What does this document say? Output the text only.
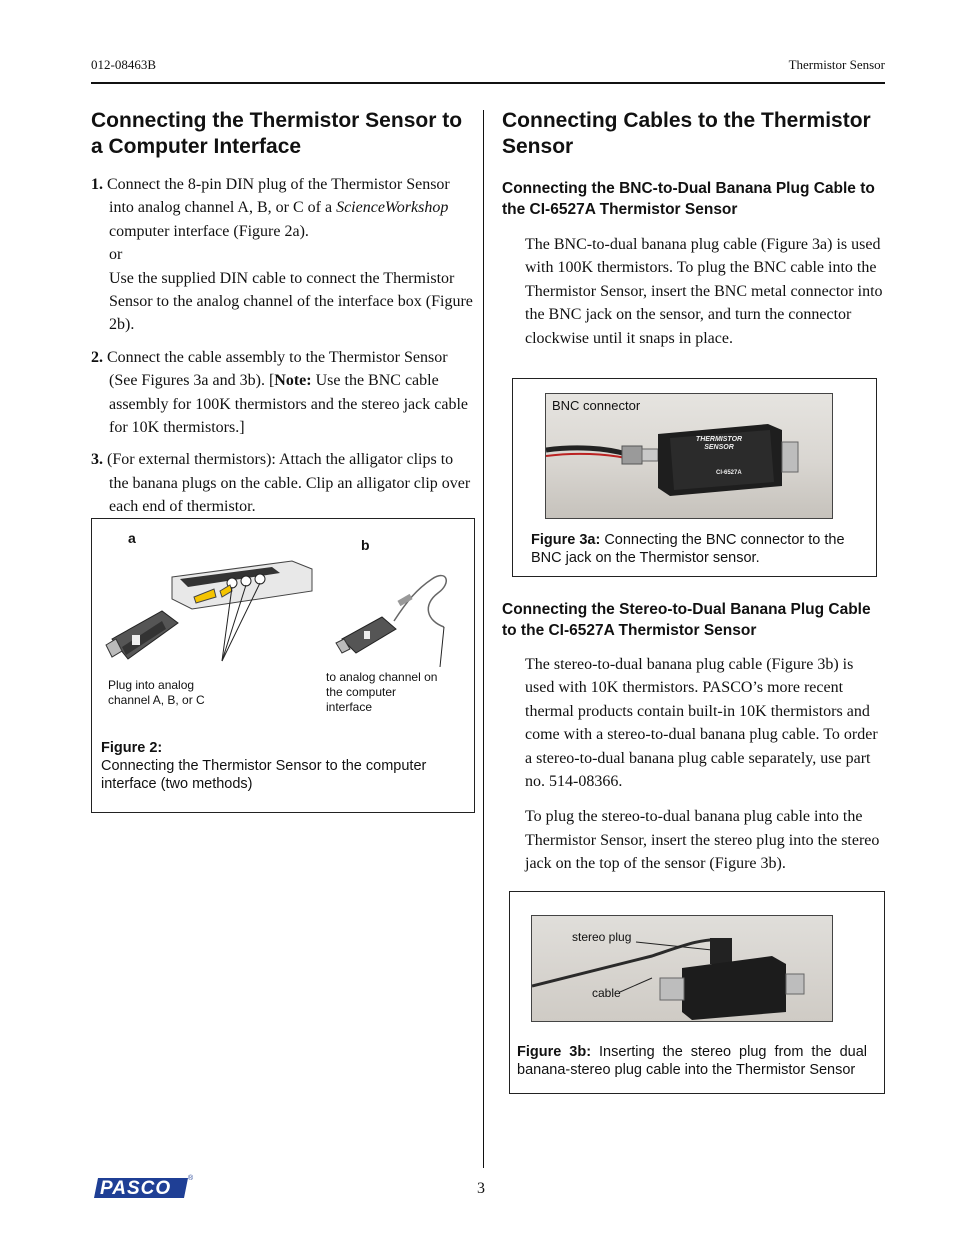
012-08463B	Thermistor Sensor
Connecting the Thermistor Sensor to a Computer Interface
1. Connect the 8-pin DIN plug of the Thermistor Sensor into analog channel A, B, or C of a ScienceWorkshop computer interface (Figure 2a).
or
Use the supplied DIN cable to connect the Thermistor Sensor to the analog channel of the interface box (Figure 2b).
2. Connect the cable assembly to the Thermistor Sensor (See Figures 3a and 3b). [Note: Use the BNC cable assembly for 100K thermistors and the stereo jack cable for 10K thermistors.]
3. (For external thermistors): Attach the alligator clips to the banana plugs on the cable. Clip an alligator clip over each end of thermistor.
a	b
Plug into analog channel A, B, or C
to analog channel on the computer interface
Figure 2:
Connecting the Thermistor Sensor to the computer interface (two methods)
Connecting Cables to the Thermistor Sensor
Connecting the BNC-to-Dual Banana Plug Cable to the CI-6527A Thermistor Sensor

The BNC-to-dual banana plug cable (Figure 3a) is used with 100K thermistors. To plug the BNC cable into the Thermistor Sensor, insert the BNC metal connector into the BNC jack on the sensor, and turn the connector clockwise until it snaps in place.

BNC connector
THERMISTOR
SENSOR
CI-6527A
Figure 3a: Connecting the BNC connector to the BNC jack on the Thermistor sensor.
Connecting the Stereo-to-Dual Banana Plug Cable to the CI-6527A Thermistor Sensor

The stereo-to-dual banana plug cable (Figure 3b) is used with 10K thermistors. PASCO’s more recent thermal products contain built-in 10K thermistors and come with a stereo-to-dual banana plug cable. To order a stereo-to-dual banana plug cable separately, use part no. 514-08366.

To plug the stereo-to-dual banana plug cable into the Thermistor Sensor, insert the stereo plug into the stereo jack on the top of the sensor (Figure 3b).

stereo plug
cable
Figure 3b: Inserting the stereo plug from the dual banana-stereo plug cable into the Thermistor Sensor
PASCO ®
3
